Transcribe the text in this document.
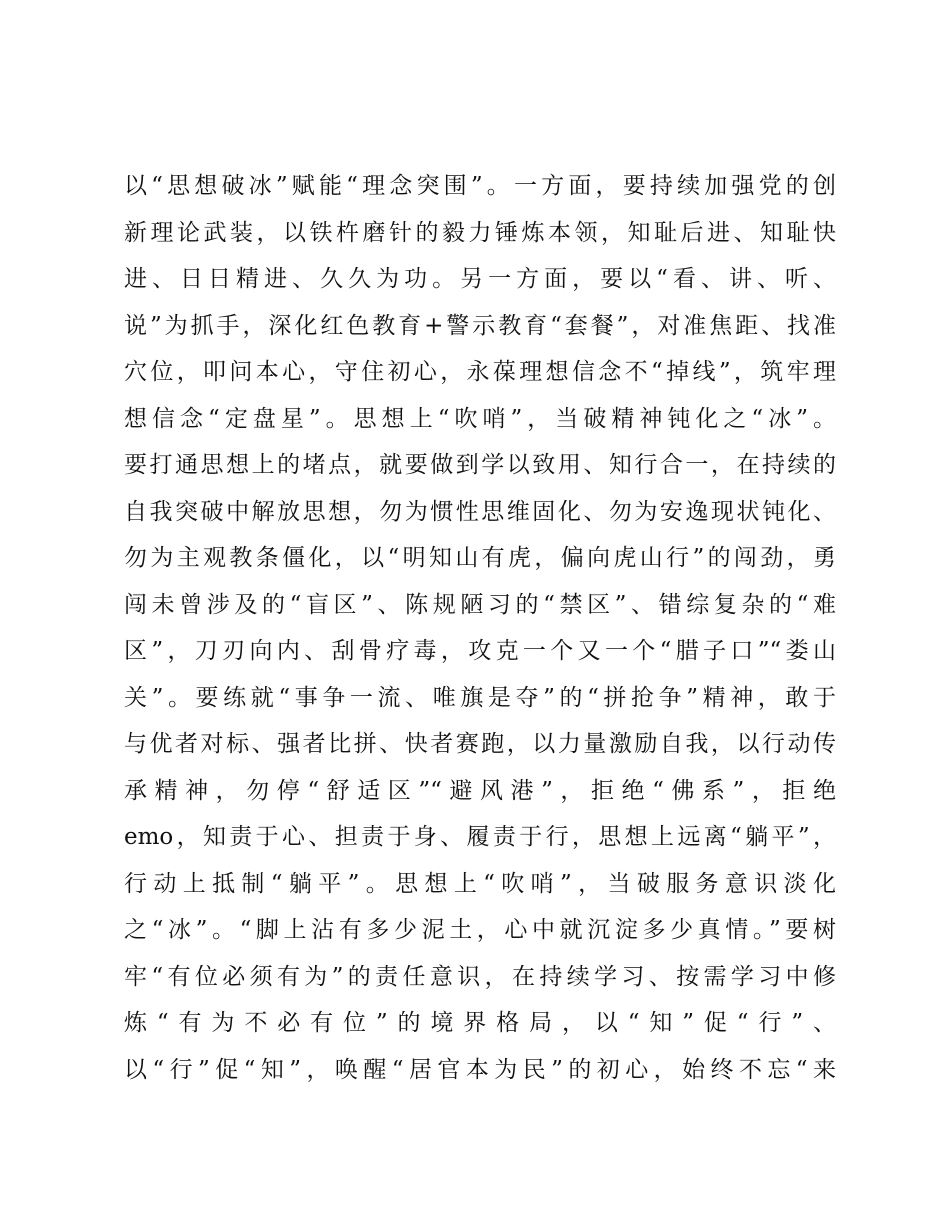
以“思想破冰”赋能“理念突围”。一方面，要持续加强党的创
新理论武装，以铁杵磨针的毅力锤炼本领，知耻后进、知耻快
进、日日精进、久久为功。另一方面，要以“看、讲、听、
说”为抓手，深化红色教育+警示教育“套餐”，对准焦距、找准
穴位，叩问本心，守住初心，永葆理想信念不“掉线”，筑牢理
想信念“定盘星”。思想上“吹哨”，当破精神钝化之“冰”。
要打通思想上的堵点，就要做到学以致用、知行合一，在持续的
自我突破中解放思想，勿为惯性思维固化、勿为安逸现状钝化、
勿为主观教条僵化，以“明知山有虎，偏向虎山行”的闯劲，勇
闯未曾涉及的“盲区”、陈规陋习的“禁区”、错综复杂的“难
区”，刀刃向内、刮骨疗毒，攻克一个又一个“腊子口”“娄山
关”。要练就“事争一流、唯旗是夺”的“拼抢争”精神，敢于
与优者对标、强者比拼、快者赛跑，以力量激励自我，以行动传
承精神，勿停“舒适区”“避风港”，拒绝“佛系”，拒绝
emo，知责于心、担责于身、履责于行，思想上远离“躺平”，
行动上抵制“躺平”。思想上“吹哨”，当破服务意识淡化
之“冰”。“脚上沾有多少泥土，心中就沉淀多少真情。”要树
牢“有位必须有为”的责任意识，在持续学习、按需学习中修
炼“有为不必有位”的境界格局，以“知”促“行”、
以“行”促“知”，唤醒“居官本为民”的初心，始终不忘“来
